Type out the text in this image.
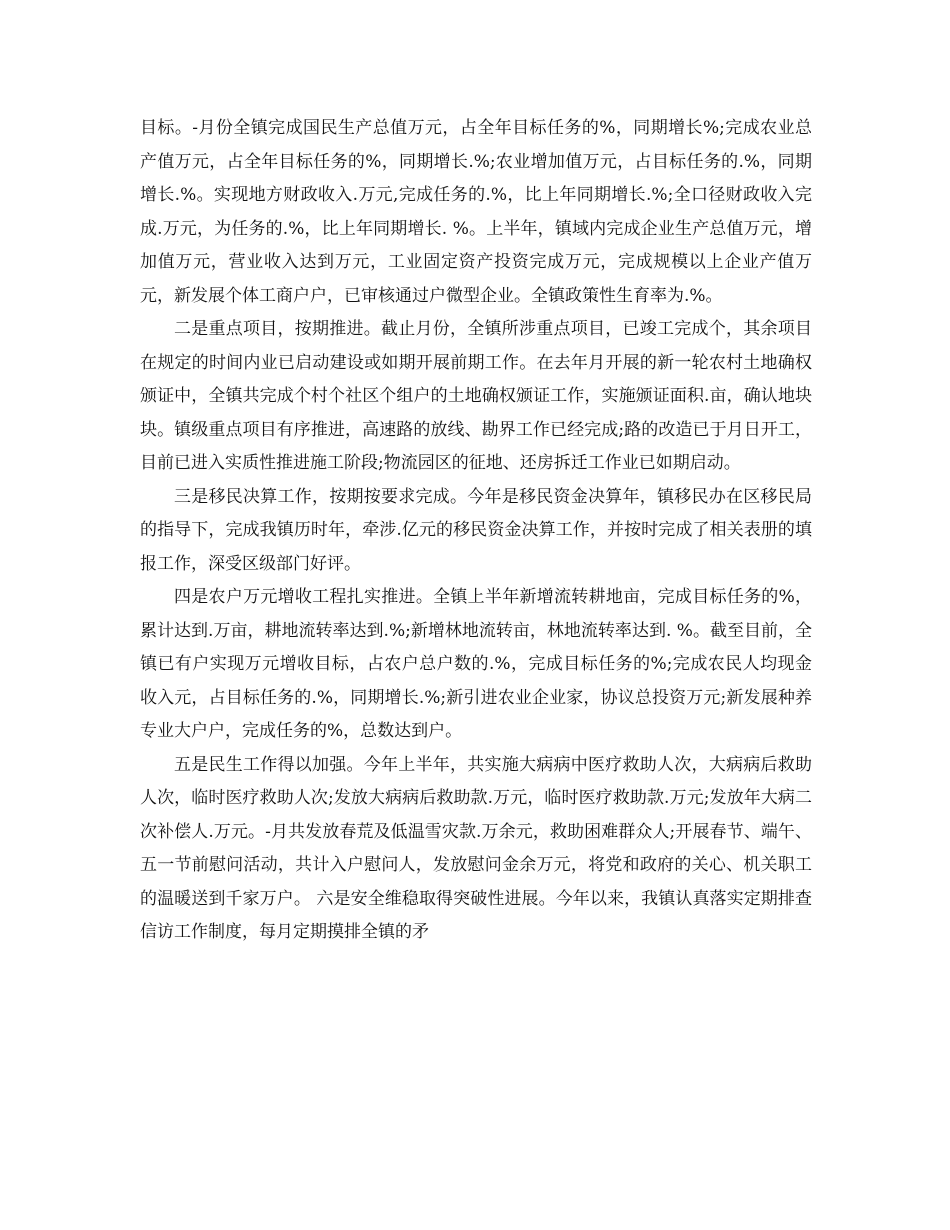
目标。-月份全镇完成国民生产总值万元，占全年目标任务的%，同期增长%;完成农业总产值万元，占全年目标任务的%，同期增长.%;农业增加值万元，占目标任务的.%，同期增长.%。实现地方财政收入.万元,完成任务的.%，比上年同期增长.%;全口径财政收入完成.万元，为任务的.%，比上年同期增长. %。上半年，镇域内完成企业生产总值万元，增加值万元，营业收入达到万元，工业固定资产投资完成万元，完成规模以上企业产值万元，新发展个体工商户户，已审核通过户微型企业。全镇政策性生育率为.%。

二是重点项目，按期推进。截止月份，全镇所涉重点项目，已竣工完成个，其余项目在规定的时间内业已启动建设或如期开展前期工作。在去年月开展的新一轮农村土地确权颁证中，全镇共完成个村个社区个组户的土地确权颁证工作，实施颁证面积.亩，确认地块块。镇级重点项目有序推进，高速路的放线、勘界工作已经完成;路的改造已于月日开工，目前已进入实质性推进施工阶段;物流园区的征地、还房拆迁工作业已如期启动。

三是移民决算工作，按期按要求完成。今年是移民资金决算年，镇移民办在区移民局的指导下，完成我镇历时年，牵涉.亿元的移民资金决算工作，并按时完成了相关表册的填报工作，深受区级部门好评。

四是农户万元增收工程扎实推进。全镇上半年新增流转耕地亩，完成目标任务的%，累计达到.万亩，耕地流转率达到.%;新增林地流转亩，林地流转率达到. %。截至目前，全镇已有户实现万元增收目标，占农户总户数的.%，完成目标任务的%;完成农民人均现金收入元，占目标任务的.%，同期增长.%;新引进农业企业家，协议总投资万元;新发展种养专业大户户，完成任务的%，总数达到户。

五是民生工作得以加强。今年上半年，共实施大病病中医疗救助人次，大病病后救助人次，临时医疗救助人次;发放大病病后救助款.万元，临时医疗救助款.万元;发放年大病二次补偿人.万元。-月共发放春荒及低温雪灾款.万余元，救助困难群众人;开展春节、端午、五一节前慰问活动，共计入户慰问人，发放慰问金余万元，将党和政府的关心、机关职工的温暖送到千家万户。 六是安全维稳取得突破性进展。今年以来，我镇认真落实定期排查信访工作制度，每月定期摸排全镇的矛
